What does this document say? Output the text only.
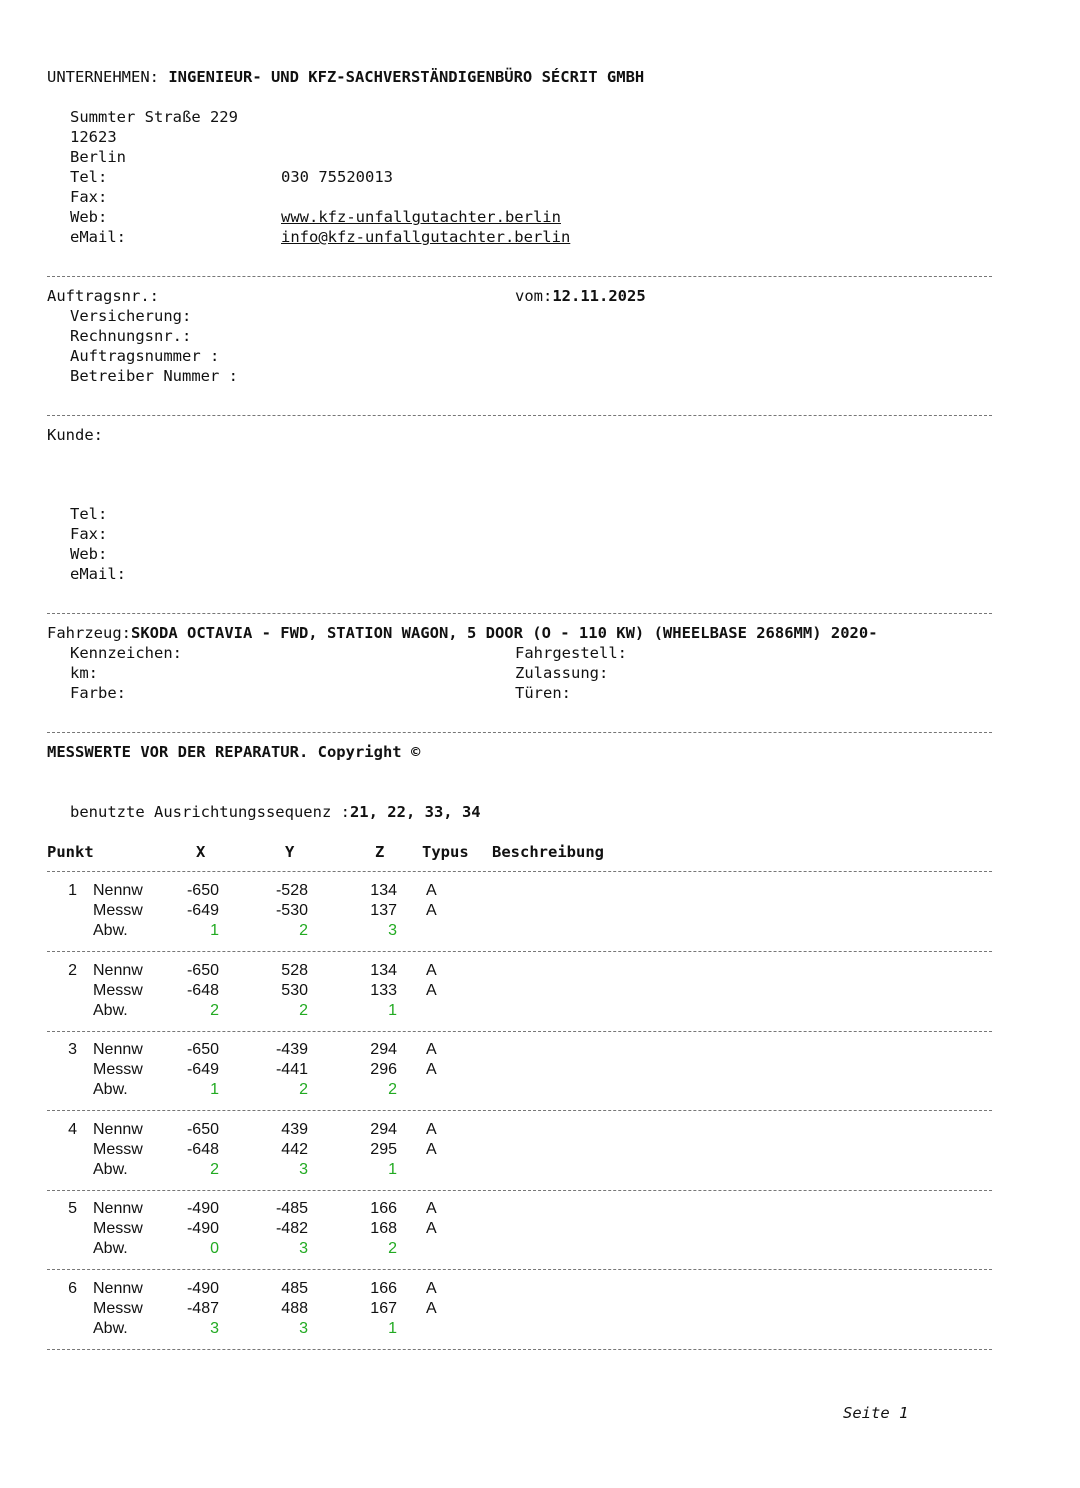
UNTERNEHMEN: INGENIEUR- UND KFZ-SACHVERSTÄNDIGENBÜRO SÉCRIT GMBH
Summter Straße 229
12623
Berlin
Tel:	030 75520013
Fax:
Web:	www.kfz-unfallgutachter.berlin
eMail:	info@kfz-unfallgutachter.berlin
Auftragsnr.:	vom:12.11.2025
Versicherung:
Rechnungsnr.:
Auftragsnummer :
Betreiber Nummer :
Kunde:
Tel:
Fax:
Web:
eMail:
Fahrzeug:SKODA OCTAVIA - FWD, STATION WAGON, 5 DOOR (O - 110 KW) (WHEELBASE 2686MM) 2020-
Kennzeichen:	Fahrgestell:
km:	Zulassung:
Farbe:	Türen:
MESSWERTE VOR DER REPARATUR. Copyright ©
benutzte Ausrichtungssequenz :21, 22, 33, 34
Punkt	X	Y	Z Typus Beschreibung
1 Nennw	-650	-528	134 A
Messw	-649	-530	137 A
Abw.	1	2	3
2 Nennw	-650	528	134 A
Messw	-648	530	133 A
Abw.	2	2	1
3 Nennw	-650	-439	294 A
Messw	-649	-441	296 A
Abw.	1	2	2
4 Nennw	-650	439	294 A
Messw	-648	442	295 A
Abw.	2	3	1
5 Nennw	-490	-485	166 A
Messw	-490	-482	168 A
Abw.	0	3	2
6 Nennw	-490	485	166 A
Messw	-487	488	167 A
Abw.	3	3	1
Seite 1
